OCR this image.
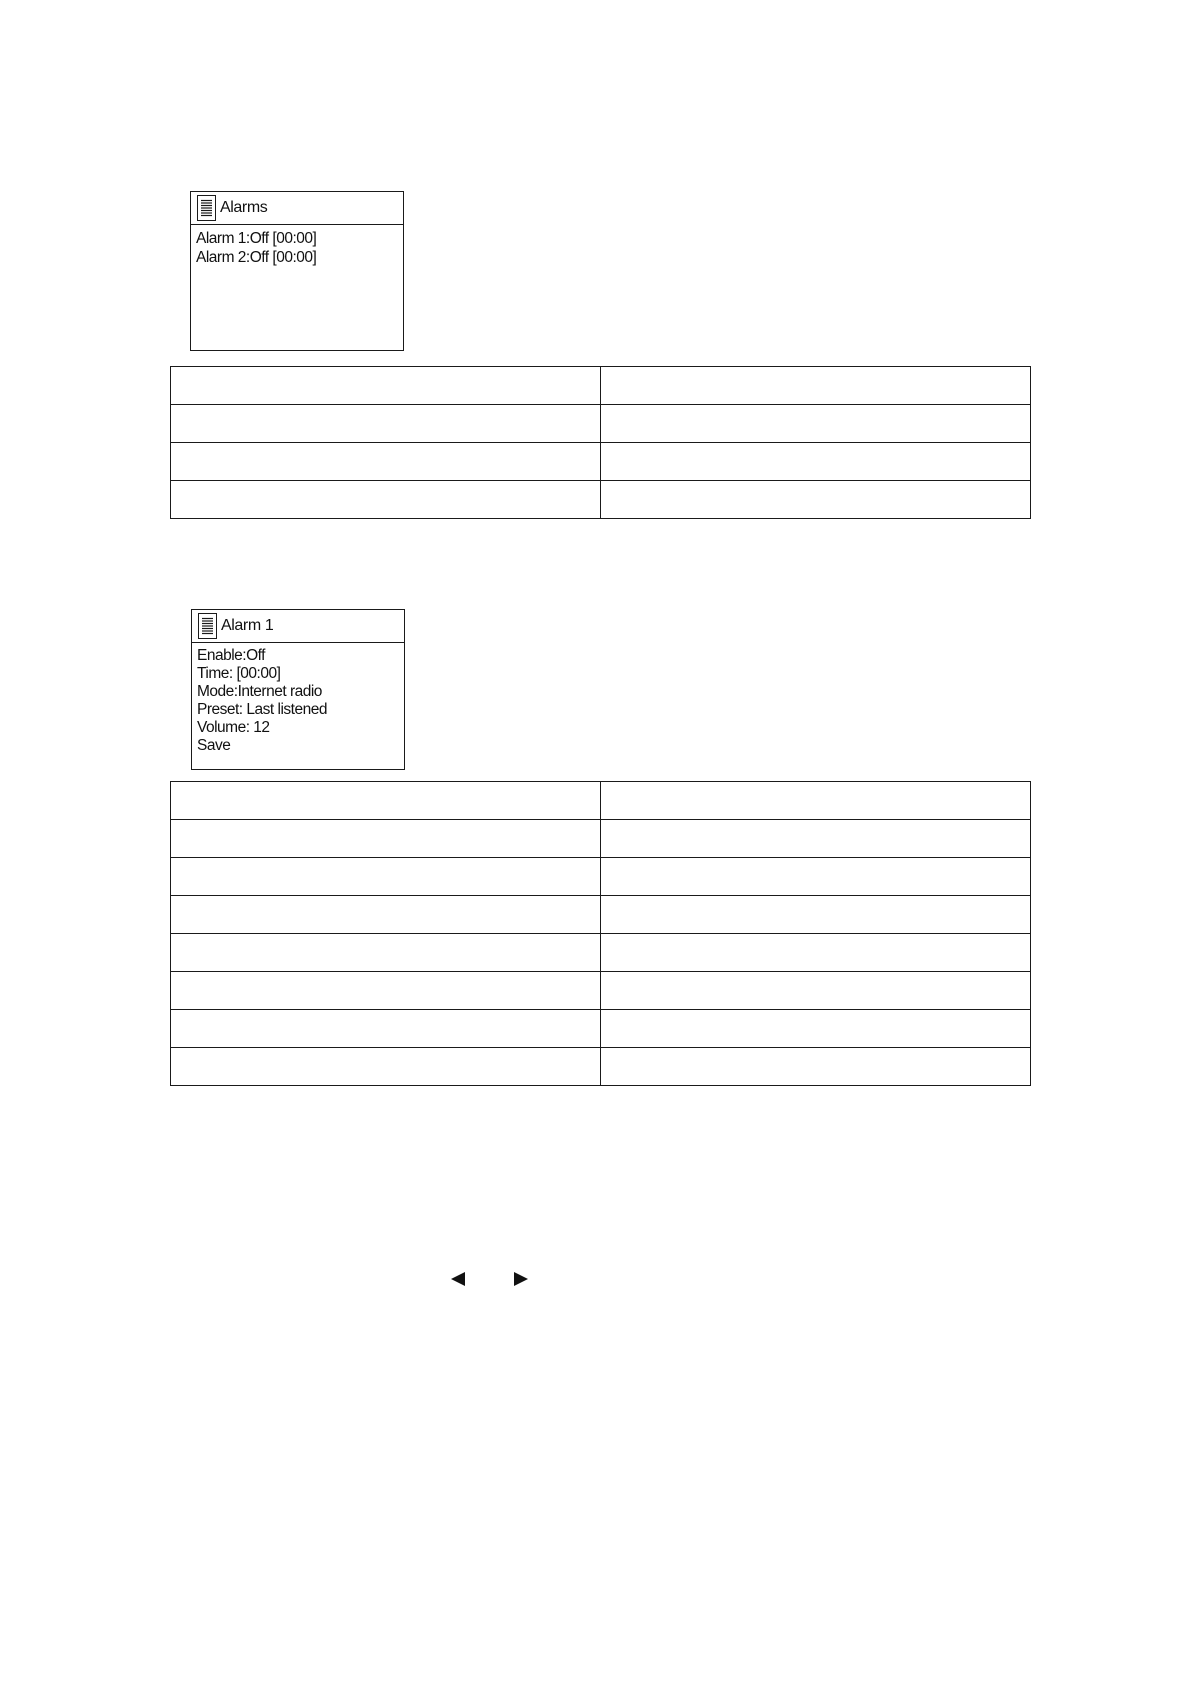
Alarms
Alarm 1:Off [00:00]
Alarm 2:Off [00:00]

Alarm 1
Enable:Off
Time: [00:00]
Mode:Internet radio
Preset: Last listened
Volume: 12
Save
